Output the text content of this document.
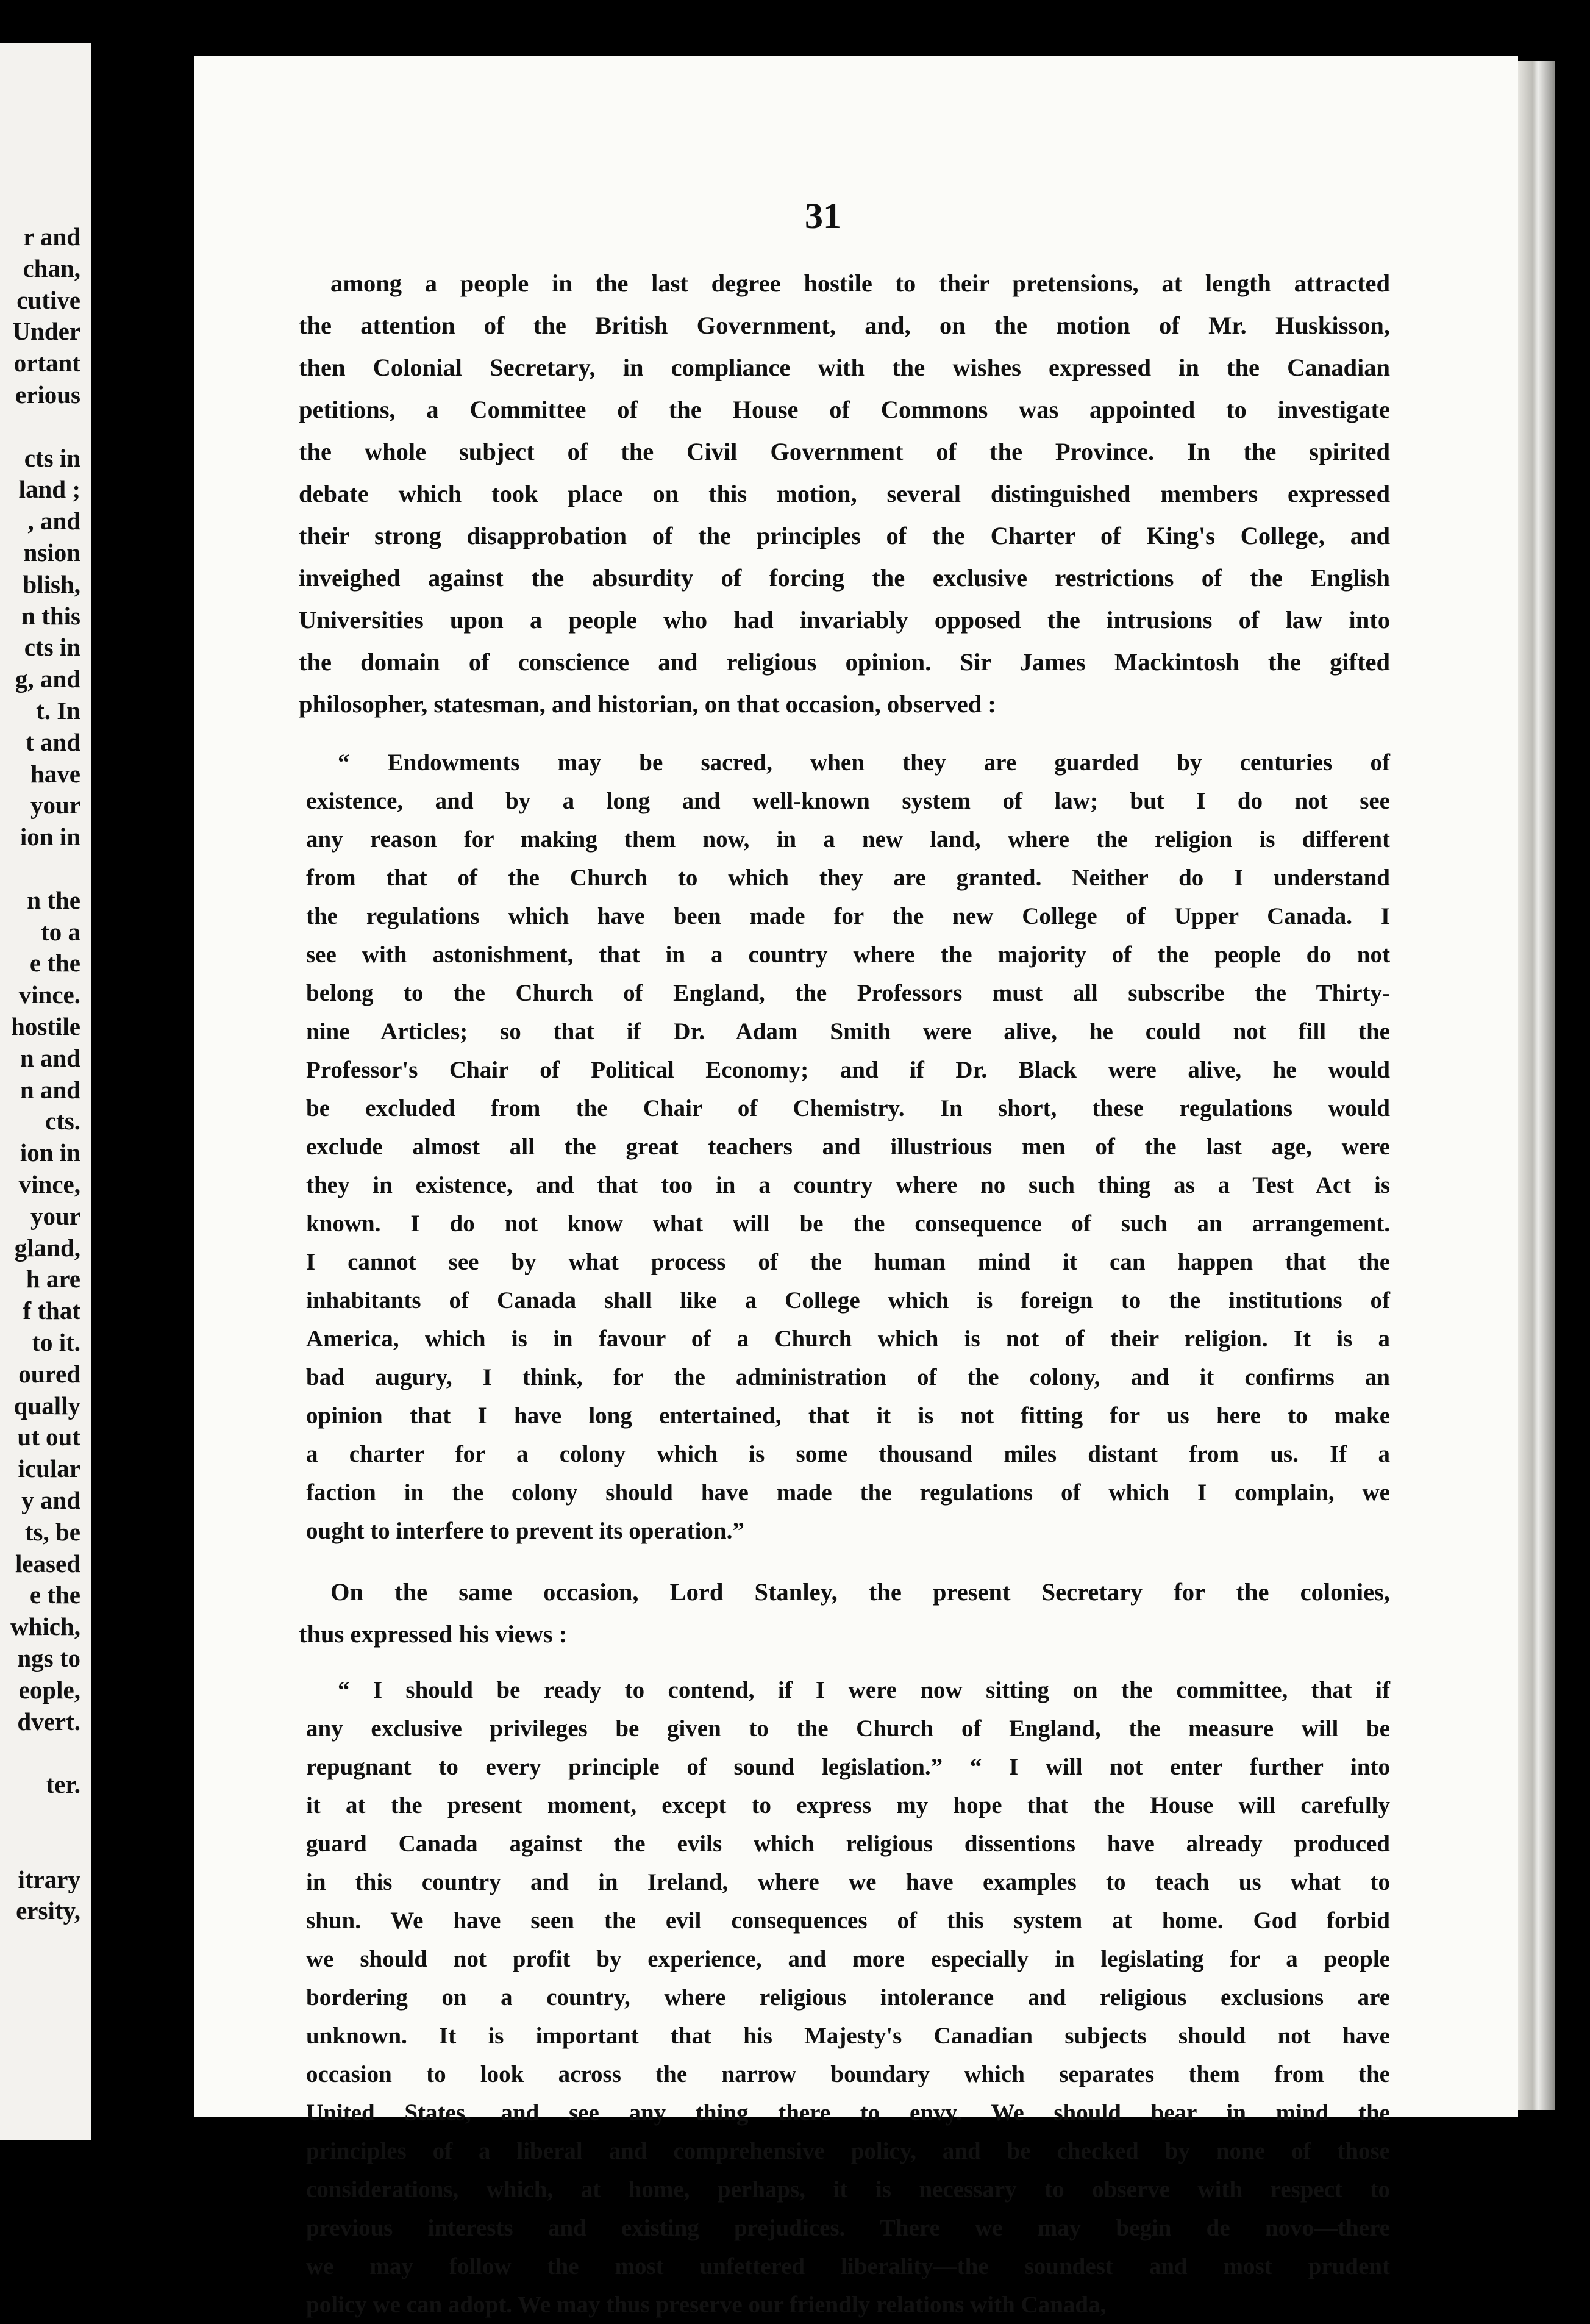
r and
chan,
cutive
Under
ortant
erious
cts in
land ;
, and
nsion
blish,
n this
cts in
g, and
t. In
t and
have
your
ion in
n the
to a
e the
vince.
hostile
n and
n and
cts.
ion in
vince,
your
gland,
h are
f that
to it.
oured
qually
ut out
icular
y and
ts, be
leased
e the
which,
ngs to
eople,
dvert.
ter.
itrary
ersity,
31

among a people in the last degree hostile to their pretensions, at length attracted
the attention of the British Government, and, on the motion of Mr. Huskisson,
then Colonial Secretary, in compliance with the wishes expressed in the Canadian
petitions, a Committee of the House of Commons was appointed to investigate
the whole subject of the Civil Government of the Province. In the spirited
debate which took place on this motion, several distinguished members expressed
their strong disapprobation of the principles of the Charter of King's College, and
inveighed against the absurdity of forcing the exclusive restrictions of the English
Universities upon a people who had invariably opposed the intrusions of law into
the domain of conscience and religious opinion. Sir James Mackintosh the gifted
philosopher, statesman, and historian, on that occasion, observed :

“ Endowments may be sacred, when they are guarded by centuries of
existence, and by a long and well-known system of law; but I do not see
any reason for making them now, in a new land, where the religion is different
from that of the Church to which they are granted. Neither do I understand
the regulations which have been made for the new College of Upper Canada. I
see with astonishment, that in a country where the majority of the people do not
belong to the Church of England, the Professors must all subscribe the Thirty-
nine Articles; so that if Dr. Adam Smith were alive, he could not fill the
Professor's Chair of Political Economy; and if Dr. Black were alive, he would
be excluded from the Chair of Chemistry. In short, these regulations would
exclude almost all the great teachers and illustrious men of the last age, were
they in existence, and that too in a country where no such thing as a Test Act is
known. I do not know what will be the consequence of such an arrangement.
I cannot see by what process of the human mind it can happen that the
inhabitants of Canada shall like a College which is foreign to the institutions of
America, which is in favour of a Church which is not of their religion. It is a
bad augury, I think, for the administration of the colony, and it confirms an
opinion that I have long entertained, that it is not fitting for us here to make
a charter for a colony which is some thousand miles distant from us. If a
faction in the colony should have made the regulations of which I complain, we
ought to interfere to prevent its operation.”

On the same occasion, Lord Stanley, the present Secretary for the colonies,
thus expressed his views :

“ I should be ready to contend, if I were now sitting on the committee, that if
any exclusive privileges be given to the Church of England, the measure will be
repugnant to every principle of sound legislation.” “ I will not enter further into
it at the present moment, except to express my hope that the House will carefully
guard Canada against the evils which religious dissentions have already produced
in this country and in Ireland, where we have examples to teach us what to
shun. We have seen the evil consequences of this system at home. God forbid
we should not profit by experience, and more especially in legislating for a people
bordering on a country, where religious intolerance and religious exclusions are
unknown. It is important that his Majesty's Canadian subjects should not have
occasion to look across the narrow boundary which separates them from the
United States, and see any thing there to envy. We should bear in mind the
principles of a liberal and comprehensive policy, and be checked by none of those
considerations, which, at home, perhaps, it is necessary to observe with respect to
previous interests and existing prejudices. There we may begin de novo—there
we may follow the most unfettered liberality—the soundest and most prudent
policy we can adopt. We may thus preserve our friendly relations with Canada,
